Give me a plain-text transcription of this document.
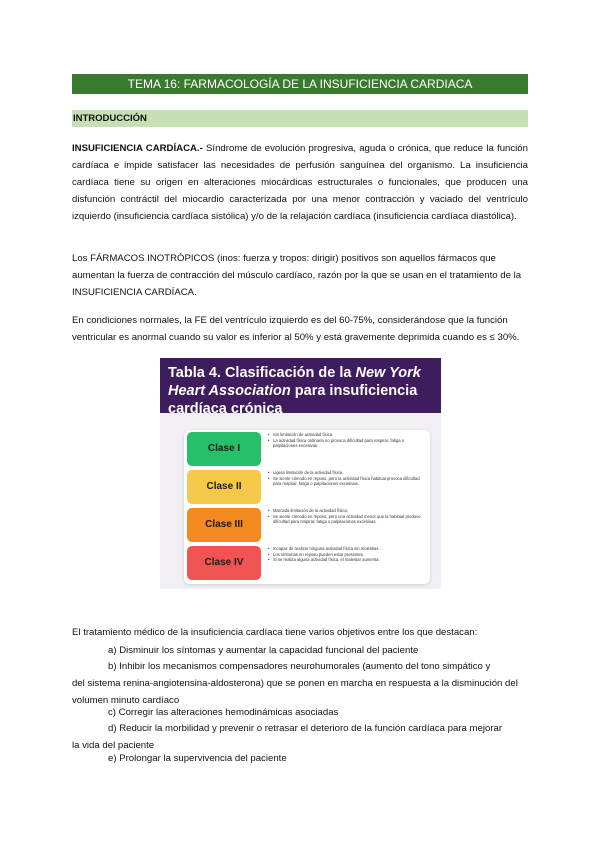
TEMA 16: FARMACOLOGÍA DE LA INSUFICIENCIA CARDIACA
INTRODUCCIÓN

INSUFICIENCIA CARDÍACA.- Síndrome de evolución progresiva, aguda o crónica, que reduce la función cardíaca e impide satisfacer las necesidades de perfusión sanguínea del organismo. La insuficiencia cardíaca tiene su origen en alteraciones miocárdicas estructurales o funcionales, que producen una disfunción contráctil del miocardio caracterizada por una menor contracción y vaciado del ventrículo izquierdo (insuficiencia cardíaca sistólica) y/o de la relajación cardíaca (insuficiencia cardíaca diastólica).

Los FÁRMACOS INOTRÓPICOS (inos: fuerza y tropos: dirigir) positivos son aquellos fármacos que aumentan la fuerza de contracción del músculo cardíaco, razón por la que se usan en el tratamiento de la INSUFICIENCIA CARDÍACA.

En condiciones normales, la FE del ventrículo izquierdo es del 60-75%, considerándose que la función ventricular es anormal cuando su valor es inferior al 50% y está gravemente deprimida cuando es ≤ 30%.

Tabla 4. Clasificación de la New York Heart Association para insuficiencia cardíaca crónica

Clase I
• Sin limitación de actividad física.
• La actividad física ordinaria no provoca dificultad para respirar, fatiga o palpitaciones excesivas.
Clase II
• Ligera limitación de la actividad física.
• Se siente cómodo en reposo, pero la actividad física habitual provoca dificultad para respirar, fatiga o palpitaciones excesivas.
Clase III
• Marcada limitación de la actividad física.
• Se siente cómodo en reposo, pero una actividad menor que la habitual produce dificultad para respirar, fatiga o palpitaciones excesivas.
Clase IV
• Incapaz de realizar ninguna actividad física sin molestias.
• Los síntomas en reposo pueden estar presentes.
• Si se realiza alguna actividad física, el malestar aumenta.

El tratamiento médico de la insuficiencia cardíaca tiene varios objetivos entre los que destacan:

a) Disminuir los síntomas y aumentar la capacidad funcional del paciente

b) Inhibir los mecanismos compensadores neurohumorales (aumento del tono simpático y

del sistema renina-angiotensina-aldosterona) que se ponen en marcha en respuesta a la disminución del volumen minuto cardíaco

c) Corregir las alteraciones hemodinámicas asociadas

d) Reducir la morbilidad y prevenir o retrasar el deterioro de la función cardíaca para mejorar

la vida del paciente

e) Prolongar la supervivencia del paciente
